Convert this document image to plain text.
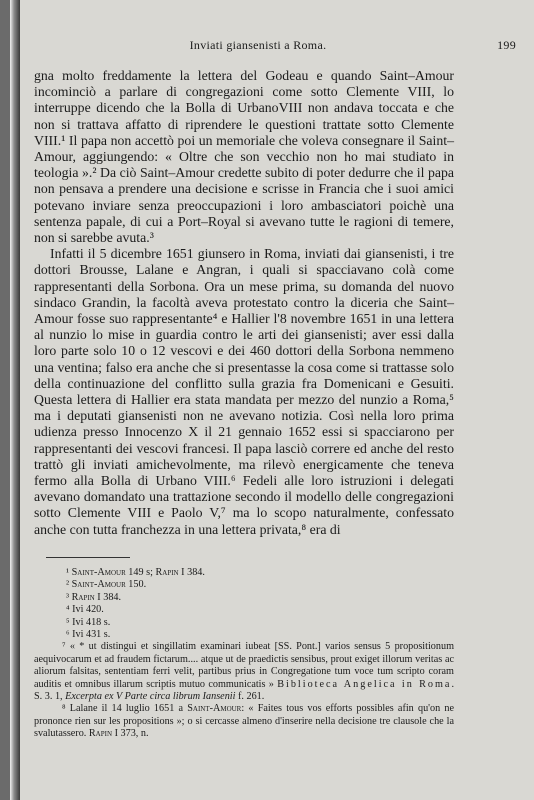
Inviati giansenisti a Roma.	199

gna molto freddamente la lettera del Godeau e quando Saint–Amour incominciò a parlare di congregazioni come sotto Clemente VIII, lo interruppe dicendo che la Bolla di UrbanoVIII non andava toccata e che non si trattava affatto di riprendere le questioni trattate sotto Clemente VIII.¹ Il papa non accettò poi un memoriale che voleva consegnare il Saint–Amour, aggiungendo: « Oltre che son vecchio non ho mai studiato in teologia ».² Da ciò Saint–Amour credette subito di poter dedurre che il papa non pensava a prendere una decisione e scrisse in Francia che i suoi amici potevano inviare senza preoccupazioni i loro ambasciatori poichè una sentenza papale, di cui a Port–Royal si avevano tutte le ragioni di temere, non si sarebbe avuta.³

Infatti il 5 dicembre 1651 giunsero in Roma, inviati dai giansenisti, i tre dottori Brousse, Lalane e Angran, i quali si spacciavano colà come rappresentanti della Sorbona. Ora un mese prima, su domanda del nuovo sindaco Grandin, la facoltà aveva protestato contro la diceria che Saint–Amour fosse suo rappresentante⁴ e Hallier l'8 novembre 1651 in una lettera al nunzio lo mise in guardia contro le arti dei giansenisti; aver essi dalla loro parte solo 10 o 12 vescovi e dei 460 dottori della Sorbona nemmeno una ventina; falso era anche che si presentasse la cosa come si trattasse solo della continuazione del conflitto sulla grazia fra Domenicani e Gesuiti. Questa lettera di Hallier era stata mandata per mezzo del nunzio a Roma,⁵ ma i deputati giansenisti non ne avevano notizia. Così nella loro prima udienza presso Innocenzo X il 21 gennaio 1652 essi si spacciarono per rappresentanti dei vescovi francesi. Il papa lasciò correre ed anche del resto trattò gli inviati amichevolmente, ma rilevò energicamente che teneva fermo alla Bolla di Urbano VIII.⁶ Fedeli alle loro istruzioni i delegati avevano domandato una trattazione secondo il modello delle congregazioni sotto Clemente VIII e Paolo V,⁷ ma lo scopo naturalmente, confessato anche con tutta franchezza in una lettera privata,⁸ era di

¹ Saint-Amour 149 s; Rapin I 384.

² Saint-Amour 150.

³ Rapin I 384.

⁴ Ivi 420.

⁵ Ivi 418 s.

⁶ Ivi 431 s.

⁷ « * ut distingui et singillatim examinari iubeat [SS. Pont.] varios sensus 5 propositionum aequivocarum et ad fraudem fictarum.... atque ut de praedictis sensibus, prout exiget illorum veritas ac aliorum falsitas, sententiam ferri velit, partibus prius in Congregatione tum voce tum scripto coram auditis et omnibus illarum scriptis mutuo communicatis » Biblioteca Angelica in Roma. S. 3. 1, Excerpta ex V Parte circa librum Iansenii f. 261.

⁸ Lalane il 14 luglio 1651 a Saint-Amour: « Faites tous vos efforts possibles afin qu'on ne prononce rien sur les propositions »; o si cercasse almeno d'inserire nella decisione tre clausole che la svalutassero. Rapin I 373, n.
